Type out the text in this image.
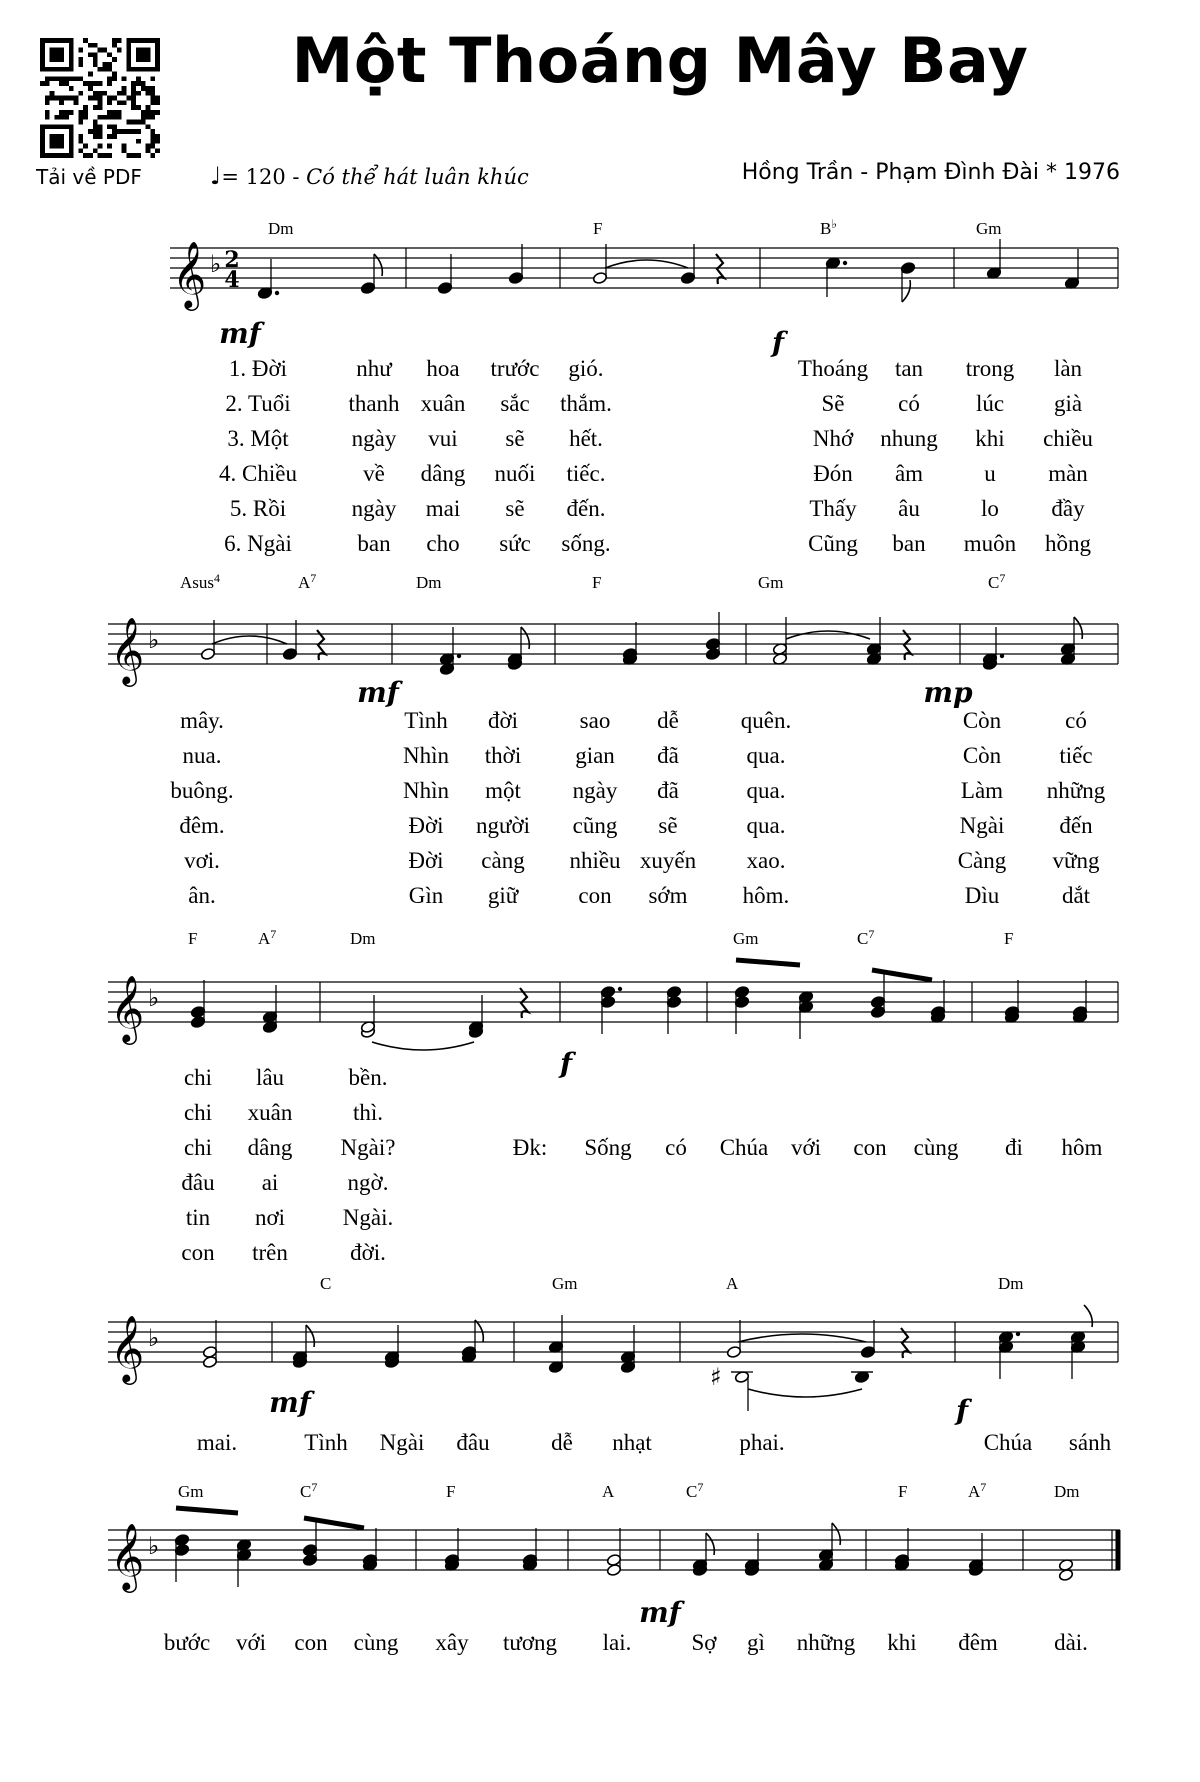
Một Thoáng Mây Bay
Tải về PDF	♩= 120 - Có thể hát luân khúc	Hồng Trần - Phạm Đình Đài * 1976
𝄞 ♭ 2
4
Dm	F	B♭	Gm
mf	f
1. Đời	như hoa trước gió.	Thoáng tan trong làn
2. Tuổi	thanh xuân sắc thắm.	Sẽ có lúc già
3. Một	ngày vui sẽ hết.	Nhớ nhung khi chiều
4. Chiều	về dâng nuối tiếc.	Đón âm	u màn
5. Rồi	ngày mai sẽ đến.	Thấy âu	lo đầy
6. Ngài	ban cho sức sống.	Cũng ban muôn hồng
𝄞 ♭
Asus$^4$	$A^7$	Dm	F	Gm	$C^7$
mf	mp
mây.	Tình đời	sao dễ	quên.	Còn	có
nua.	Nhìn thời gian đã	qua.	Còn	tiếc
buông.	Nhìn một ngày đã	qua.	Làm những
đêm.	Đời người cũng sẽ	qua.	Ngài đến
vơi.	Đời càng nhiều xuyến xao.	Càng vững
ân.	Gìn giữ	con sớm hôm.	Dìu	dắt
𝄞 ♭
F	$A^7$	Dm	Gm	$C^7$	F
f
chi lâu	bền.
chi xuân	thì.
chi dâng Ngài?
đâu ai	ngờ.
tin nơi	Ngài.
con trên	đời.
Đk: Sống có Chúa với con cùng đi hôm
𝄞 ♭
♯
C	Gm	A	Dm
mf	f
mai.	Tình Ngài đâu	dễ nhạt	phai.	Chúa sánh
𝄞 ♭
Gm	$C^7$	F	A	$C^7$	F	$A^7$	Dm
mf
bước với con cùng xây tương lai.	Sợ gì những khi đêm dài.
